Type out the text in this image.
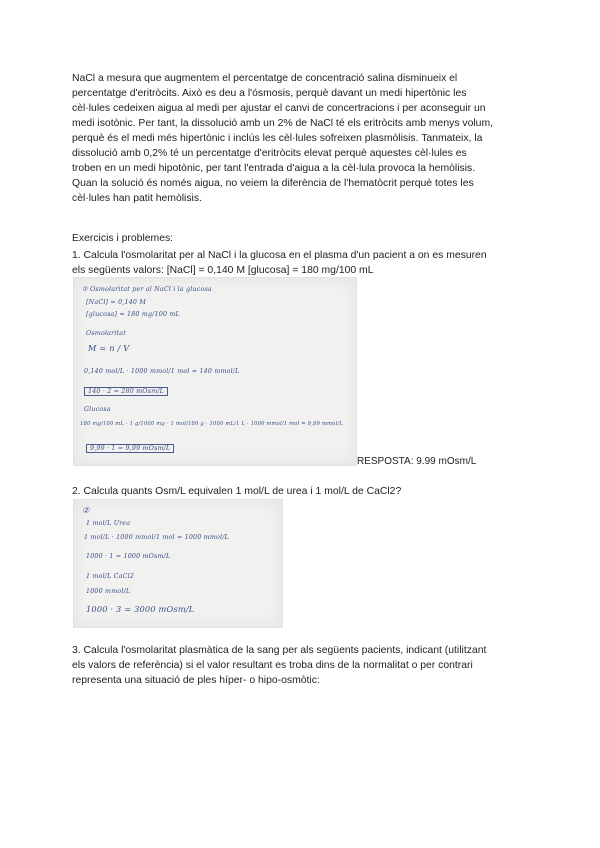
NaCl a mesura que augmentem el percentatge de concentració salina disminueix el

percentatge d'eritròcits. Això es deu a l'ósmosis, perquè davant un medi hipertònic les

cèl·lules cedeixen aigua al medi per ajustar el canvi de concertracions i per aconseguir un

medi isotònic. Per tant, la dissolució amb un 2% de NaCl té els eritròcits amb menys volum,

perquè és el medi més hipertònic i inclús les cèl·lules sofreixen plasmòlisis. Tanmateix, la

dissolució amb 0,2% té un percentatge d'eritròcits elevat perquè aquestes cèl·lules es

troben en un medi hipotònic, per tant l'entrada d'aigua a la cèl·lula provoca la hemòlisis.

Quan la solució és només aigua, no veiem la diferència de l'hematòcrit perquè totes les

cèl·lules han patit hemòlisis.

Exercicis i problemes:

1. Calcula l'osmolaritat per al NaCl i la glucosa en el plasma d'un pacient a on es mesuren

els següents valors: [NaCl] = 0,140 M [glucosa] = 180 mg/100 mL

① Osmolaritat per al NaCl i la glucosa
[NaCl] = 0,140 M
[glucosa] = 180 mg/100 mL
Osmolaritat
M = n / V
0,140 mol/L · 1000 mmol/1 mol = 140 mmol/L
140 · 2 = 280 mOsm/L
Glucosa
180 mg/100 mL · 1 g/1000 mg · 1 mol/180 g · 1000 mL/1 L · 1000 mmol/1 mol = 9,99 mmol/L
9,99 · 1 = 9,99 mOsm/L
RESPOSTA: 9.99 mOsm/L
2. Calcula quants Osm/L equivalen 1 mol/L de urea i 1 mol/L de CaCl2?
②
1 mol/L Urea
1 mol/L · 1000 mmol/1 mol = 1000 mmol/L
1000 · 1 = 1000 mOsm/L
1 mol/L CaCl2
1000 mmol/L
1000 · 3 = 3000 mOsm/L

3. Calcula l'osmolaritat plasmàtica de la sang per als següents pacients, indicant (utilitzant

els valors de referència) si el valor resultant es troba dins de la normalitat o per contrari

representa una situació de ples híper- o hipo-osmòtic:
